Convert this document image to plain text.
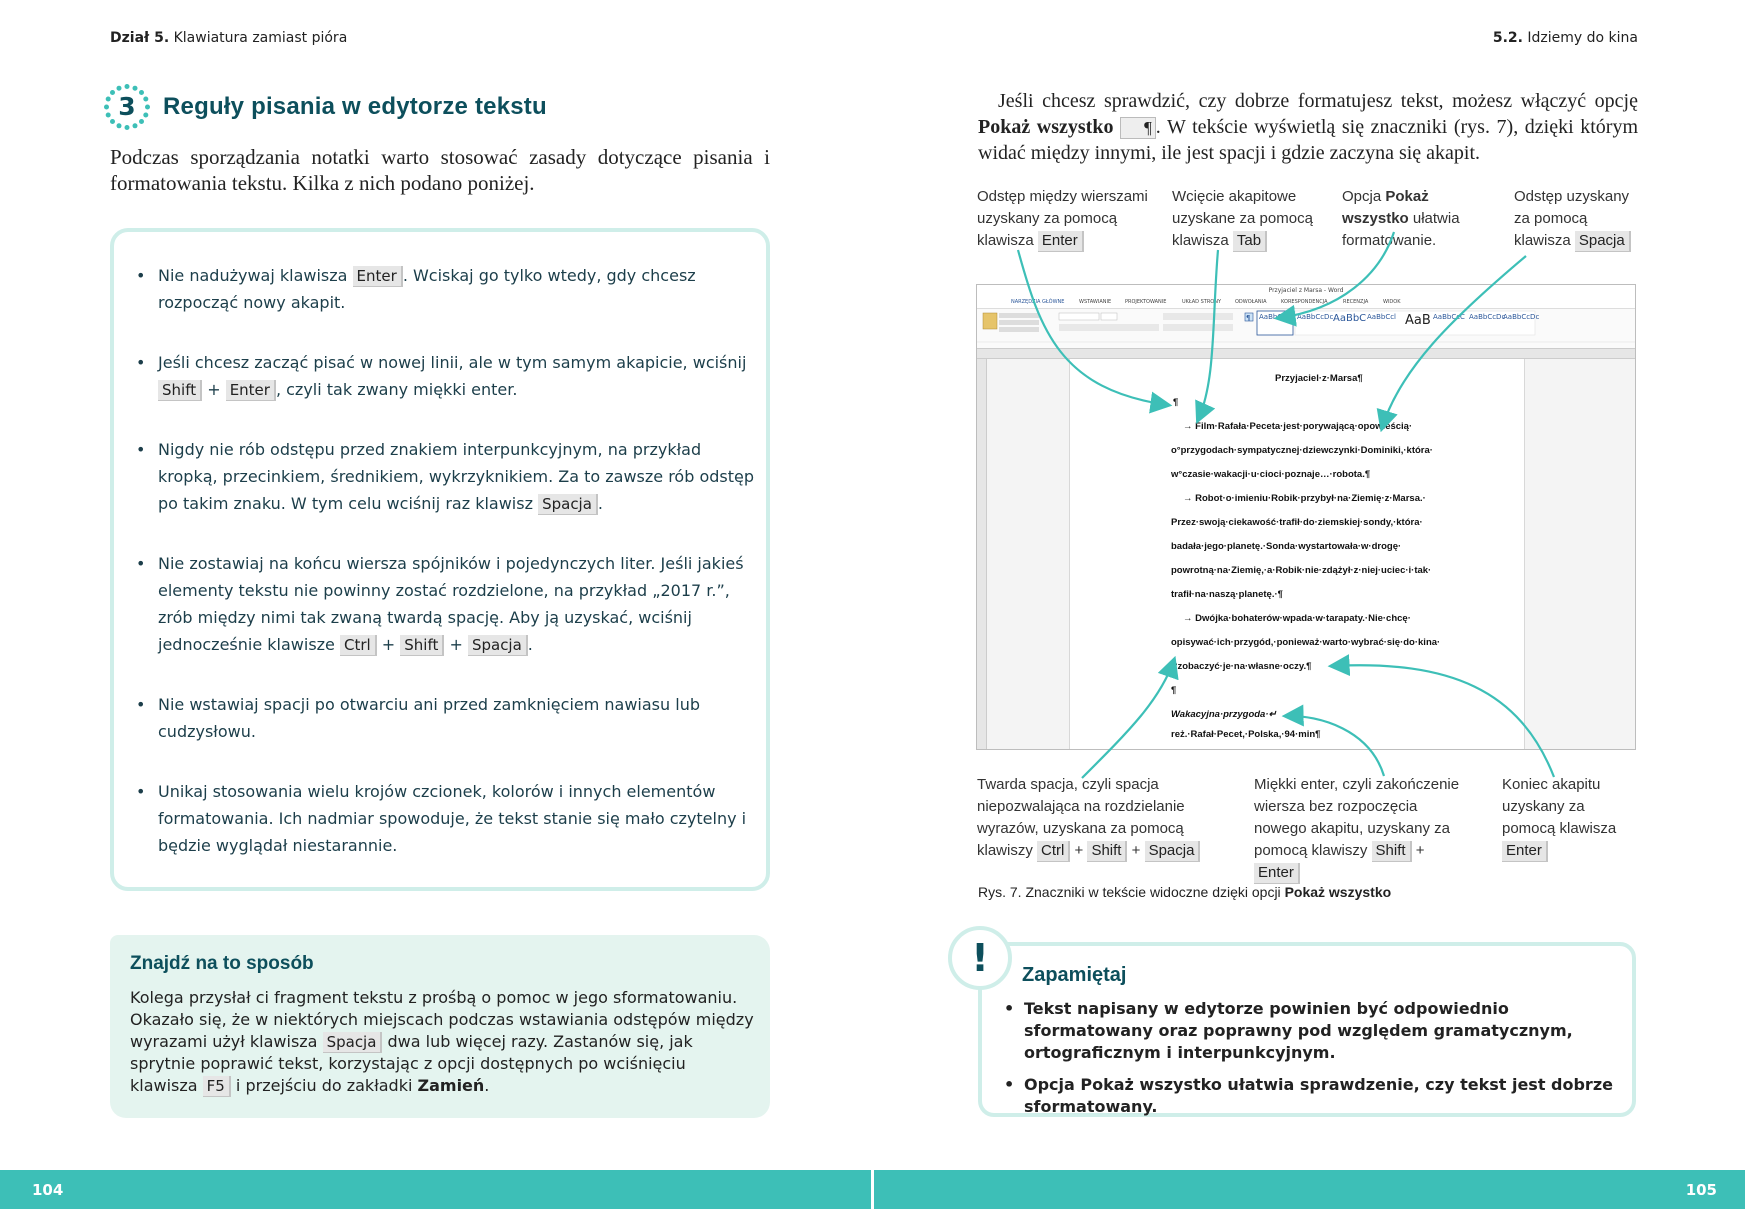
Dział 5. Klawiatura zamiast pióra
3	Reguły pisania w edytorze tekstu
Podczas sporządzania notatki warto stosować zasady dotyczące pisania i formatowania tekstu. Kilka z nich podano poniżej.
• Nie nadużywaj klawisza Enter . Wciskaj go tylko wtedy, gdy chcesz rozpocząć nowy akapit.
• Jeśli chcesz zacząć pisać w nowej linii, ale w tym samym akapicie, wciśnij Shift + Enter , czyli tak zwany miękki enter.
• Nigdy nie rób odstępu przed znakiem interpunkcyjnym, na przykład kropką, przecinkiem, średnikiem, wykrzyknikiem. Za to zawsze rób odstęp po takim znaku. W tym celu wciśnij raz klawisz Spacja .
• Nie zostawiaj na końcu wiersza spójników i pojedynczych liter. Jeśli jakieś elementy tekstu nie powinny zostać rozdzielone, na przykład „2017 r.”, zrób między nimi tak zwaną twardą spację. Aby ją uzyskać, wciśnij jednocześnie klawisze Ctrl + Shift + Spacja .
• Nie wstawiaj spacji po otwarciu ani przed zamknięciem nawiasu lub cudzysłowu.
• Unikaj stosowania wielu krojów czcionek, kolorów i innych elementów formatowania. Ich nadmiar spowoduje, że tekst stanie się mało czytelny i będzie wyglądał niestarannie.
Znajdź na to sposób
Kolega przysłał ci fragment tekstu z prośbą o pomoc w jego sformatowaniu. Okazało się, że w niektórych miejscach podczas wstawiania odstępów między wyrazami użył klawisza Spacja dwa lub więcej razy. Zastanów się, jak sprytnie poprawić tekst, korzystając z opcji dostępnych po wciśnięciu klawisza F5 i przejściu do zakładki Zamień.
5.2. Idziemy do kina
Jeśli chcesz sprawdzić, czy dobrze formatujesz tekst, możesz włączyć opcję Pokaż wszystko ¶ . W tekście wyświetlą się znaczniki (rys. 7), dzięki którym widać między innymi, ile jest spacji i gdzie zaczyna się akapit.
Odstęp między wierszami uzyskany za pomocą klawisza Enter
Wcięcie akapitowe uzyskane za pomocą klawisza Tab
Opcja Pokaż wszystko ułatwia formatowanie.
Odstęp uzyskany za pomocą klawisza Spacja
Przyjaciel z Marsa - Word
NARZĘDZIA GŁÓWNE	WSTAWIANIE	PROJEKTOWANIE	UKŁAD STRONY	ODWOŁANIA	KORESPONDENCJA	RECENZJA	WIDOK
¶ AaBbCcDc AaBbCcDc AaBbC AaBbCcl AaB AaBbCcC AaBbCcDc
AaBbCcDc
Przyjaciel·z·Marsa¶
¶
→ Film·Rafała·Peceta·jest·porywającą·opowieścią·
o°przygodach·sympatycznej·dziewczynki·Dominiki,·która·
w°czasie·wakacji·u·cioci·poznaje…·robota.¶
→ Robot·o·imieniu·Robik·przybył·na·Ziemię·z·Marsa.·
Przez·swoją·ciekawość·trafił·do·ziemskiej·sondy,·która·
badała·jego·planetę.·Sonda·wystartowała·w·drogę·
powrotną·na·Ziemię,·a·Robik·nie·zdążył·z·niej·uciec·i·tak·
trafił·na·naszą·planetę.·¶
→ Dwójka·bohaterów·wpada·w·tarapaty.·Nie·chcę·
opisywać·ich·przygód,·ponieważ·warto·wybrać·się·do·kina·
i°zobaczyć·je·na·własne·oczy.¶
¶
Wakacyjna·przygoda·↵
reż.·Rafał·Pecet,·Polska,·94·min¶
Twarda spacja, czyli spacja niepozwalająca na rozdzielanie wyrazów, uzyskana za pomocą klawiszy Ctrl + Shift + Spacja
Miękki enter, czyli zakończenie wiersza bez rozpoczęcia nowego akapitu, uzyskany za pomocą klawiszy Shift + Enter
Koniec akapitu uzyskany za pomocą klawisza Enter
Rys. 7. Znaczniki w tekście widoczne dzięki opcji Pokaż wszystko
!	Zapamiętaj
• Tekst napisany w edytorze powinien być odpowiednio sformatowany oraz poprawny pod względem gramatycznym, ortograficznym i interpunkcyjnym.
• Opcja Pokaż wszystko ułatwia sprawdzenie, czy tekst jest dobrze sformatowany.
104	105
